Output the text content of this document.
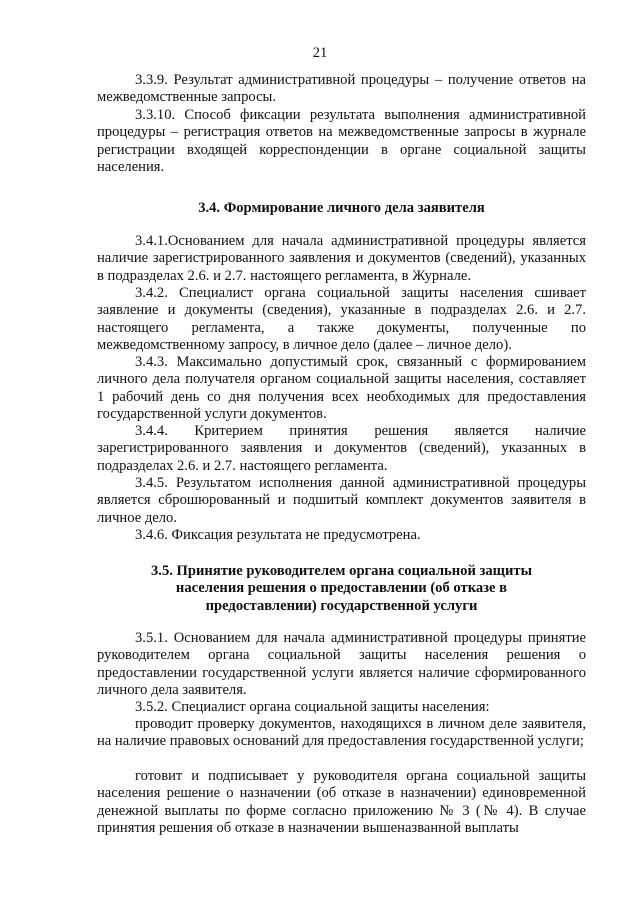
21

3.3.9. Результат административной процедуры – получение ответов на межведомственные запросы.

3.3.10. Способ фиксации результата выполнения административной процедуры – регистрация ответов на межведомственные запросы в журнале регистрации входящей корреспонденции в органе социальной защиты населения.

3.4. Формирование личного дела заявителя

3.4.1.Основанием для начала административной процедуры является наличие зарегистрированного заявления и документов (сведений), указанных в подразделах 2.6. и 2.7. настоящего регламента, в Журнале.

3.4.2. Специалист органа социальной защиты населения сшивает заявление и документы (сведения), указанные в подразделах 2.6. и 2.7. настоящего регламента, а также документы, полученные по межведомственному запросу, в личное дело (далее – личное дело).

3.4.3. Максимально допустимый срок, связанный с формированием личного дела получателя органом социальной защиты населения, составляет 1 рабочий день со дня получения всех необходимых для предоставления государственной услуги документов.

3.4.4. Критерием принятия решения является наличие зарегистрированного заявления и документов (сведений), указанных в подразделах 2.6. и 2.7. настоящего регламента.

3.4.5. Результатом исполнения данной административной процедуры является сброшюрованный и подшитый комплект документов заявителя в личное дело.

3.4.6. Фиксация результата не предусмотрена.

3.5. Принятие руководителем органа социальной защиты населения решения о предоставлении (об отказе в предоставлении) государственной услуги

3.5.1. Основанием для начала административной процедуры принятие руководителем органа социальной защиты населения решения о предоставлении государственной услуги является наличие сформированного личного дела заявителя.

3.5.2. Специалист органа социальной защиты населения:

проводит проверку документов, находящихся в личном деле заявителя, на наличие правовых оснований для предоставления государственной услуги;

готовит и подписывает у руководителя органа социальной защиты населения решение о назначении (об отказе в назначении) единовременной денежной выплаты по форме согласно приложению № 3 (№ 4). В случае принятия решения об отказе в назначении вышеназванной выплаты
